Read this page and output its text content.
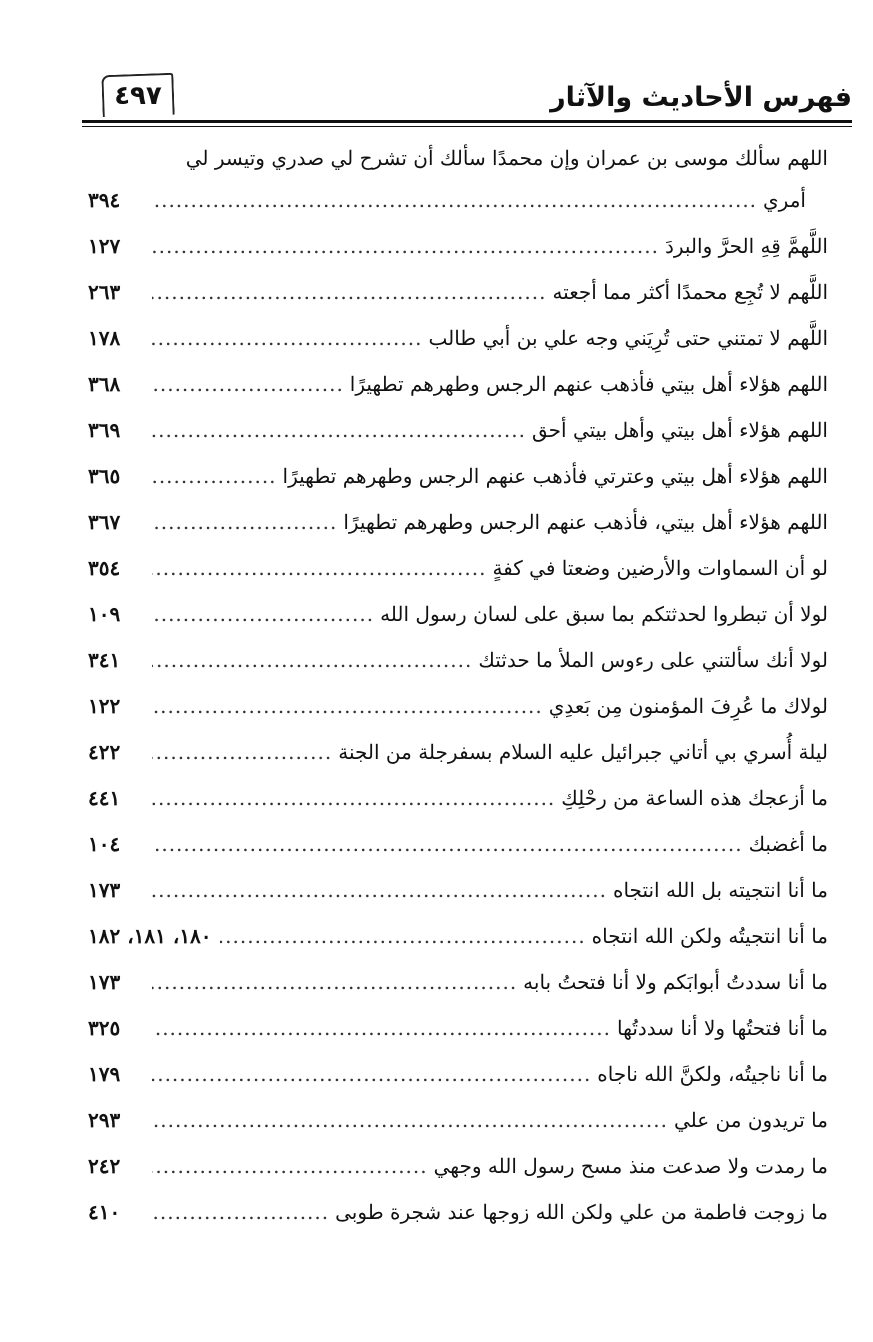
فهرس الأحاديث والآثار
٤٩٧
اللهم سألك موسى بن عمران وإن محمدًا سألك أن تشرح لي صدري وتيسر لي
أمري
.....
٣٩٤
اللَّهمَّ قِهِ الحرَّ والبردَ
.....
١٢٧
اللَّهم لا تُجِع محمدًا أكثر مما أجعته
.....
٢٦٣
اللَّهم لا تمتني حتى تُرِيَني وجه علي بن أبي طالب
.....
١٧٨
اللهم هؤلاء أهل بيتي فأذهب عنهم الرجس وطهرهم تطهيرًا
.....
٣٦٨
اللهم هؤلاء أهل بيتي وأهل بيتي أحق
.....
٣٦٩
اللهم هؤلاء أهل بيتي وعترتي فأذهب عنهم الرجس وطهرهم تطهيرًا
.....
٣٦٥
اللهم هؤلاء أهل بيتي، فأذهب عنهم الرجس وطهرهم تطهيرًا
.....
٣٦٧
لو أن السماوات والأرضين وضعتا في كفةٍ
.....
٣٥٤
لولا أن تبطروا لحدثتكم بما سبق على لسان رسول الله
.....
١٠٩
لولا أنك سألتني على رءوس الملأ ما حدثتك
.....
٣٤١
لولاك ما عُرِفَ المؤمنون مِن بَعدِي
.....
١٢٢
ليلة أُسري بي أتاني جبرائيل عليه السلام بسفرجلة من الجنة
.....
٤٢٢
ما أزعجك هذه الساعة من رحْلِكِ
.....
٤٤١
ما أغضبك
.....
١٠٤
ما أنا انتجيته بل الله انتجاه
.....
١٧٣
ما أنا انتجيتُه ولكن الله انتجاه
.....
١٨٠، ١٨١، ١٨٢
ما أنا سددتُ أبوابَكم ولا أنا فتحتُ بابه
.....
١٧٣
ما أنا فتحتُها ولا أنا سددتُها
.....
٣٢٥
ما أنا ناجيتُه، ولكنَّ الله ناجاه
.....
١٧٩
ما تريدون من علي
.....
٢٩٣
ما رمدت ولا صدعت منذ مسح رسول الله وجهي
.....
٢٤٢
ما زوجت فاطمة من علي ولكن الله زوجها عند شجرة طوبى
.....
٤١٠
